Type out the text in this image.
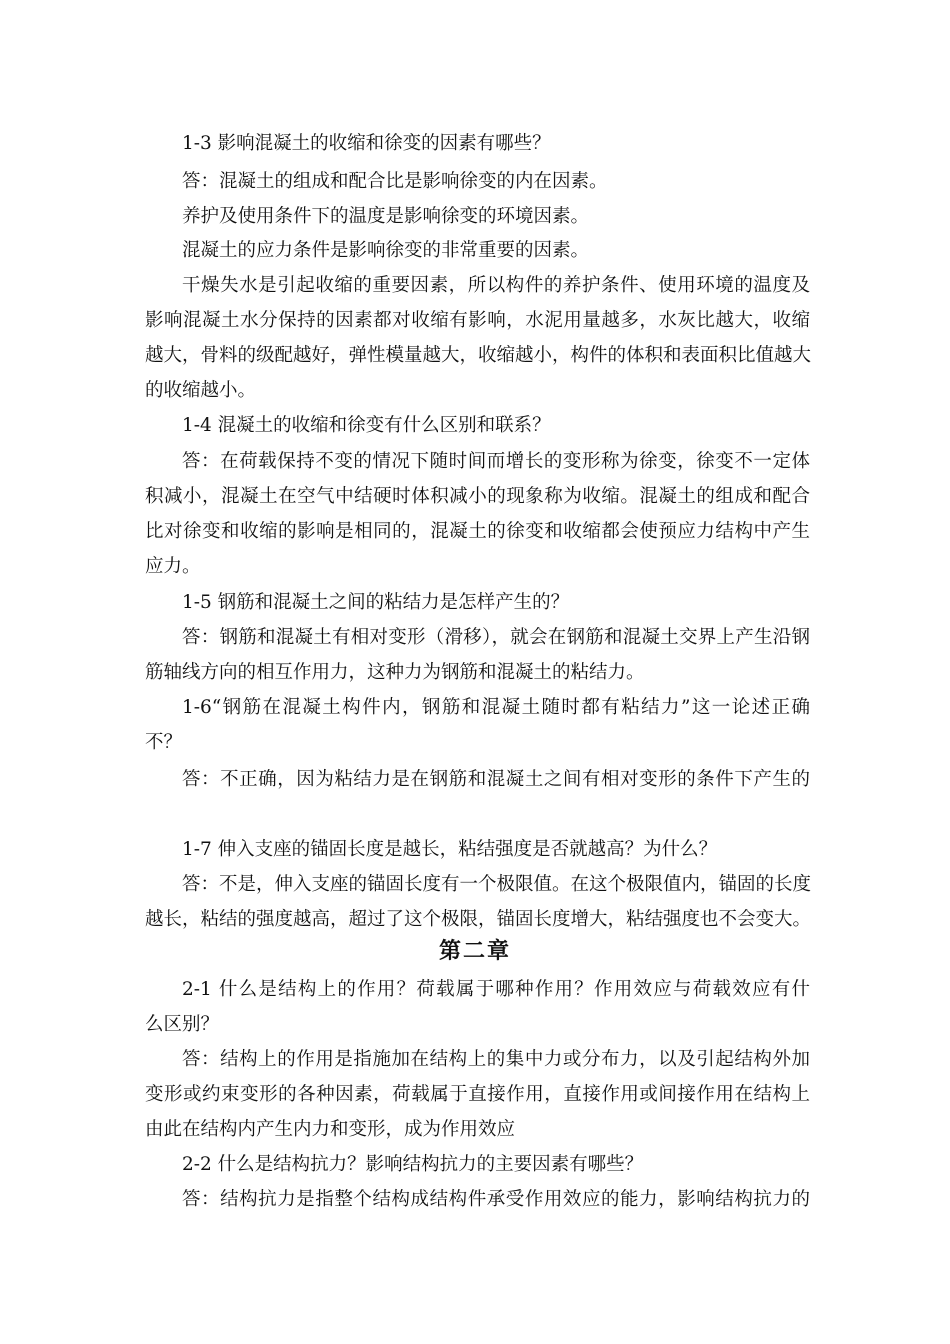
1-3 影响混凝土的收缩和徐变的因素有哪些？
答：混凝土的组成和配合比是影响徐变的内在因素。
养护及使用条件下的温度是影响徐变的环境因素。
混凝土的应力条件是影响徐变的非常重要的因素。
干燥失水是引起收缩的重要因素，所以构件的养护条件、使用环境的温度及
影响混凝土水分保持的因素都对收缩有影响，水泥用量越多，水灰比越大，收缩
越大，骨料的级配越好，弹性模量越大，收缩越小，构件的体积和表面积比值越大
的收缩越小。
1-4 混凝土的收缩和徐变有什么区别和联系？
答：在荷载保持不变的情况下随时间而增长的变形称为徐变，徐变不一定体
积减小，混凝土在空气中结硬时体积减小的现象称为收缩。混凝土的组成和配合
比对徐变和收缩的影响是相同的，混凝土的徐变和收缩都会使预应力结构中产生
应力。
1-5 钢筋和混凝土之间的粘结力是怎样产生的？
答：钢筋和混凝土有相对变形（滑移），就会在钢筋和混凝土交界上产生沿钢
筋轴线方向的相互作用力，这种力为钢筋和混凝土的粘结力。
1-6“钢筋在混凝土构件内，钢筋和混凝土随时都有粘结力”这一论述正确
不？
答：不正确，因为粘结力是在钢筋和混凝土之间有相对变形的条件下产生的
1-7 伸入支座的锚固长度是越长，粘结强度是否就越高？为什么？
答：不是，伸入支座的锚固长度有一个极限值。在这个极限值内，锚固的长度
越长，粘结的强度越高，超过了这个极限，锚固长度增大，粘结强度也不会变大。
第二章
2-1 什么是结构上的作用？荷载属于哪种作用？作用效应与荷载效应有什
么区别？
答：结构上的作用是指施加在结构上的集中力或分布力，以及引起结构外加
变形或约束变形的各种因素，荷载属于直接作用，直接作用或间接作用在结构上
由此在结构内产生内力和变形，成为作用效应
2-2 什么是结构抗力？影响结构抗力的主要因素有哪些？
答：结构抗力是指整个结构成结构件承受作用效应的能力，影响结构抗力的
